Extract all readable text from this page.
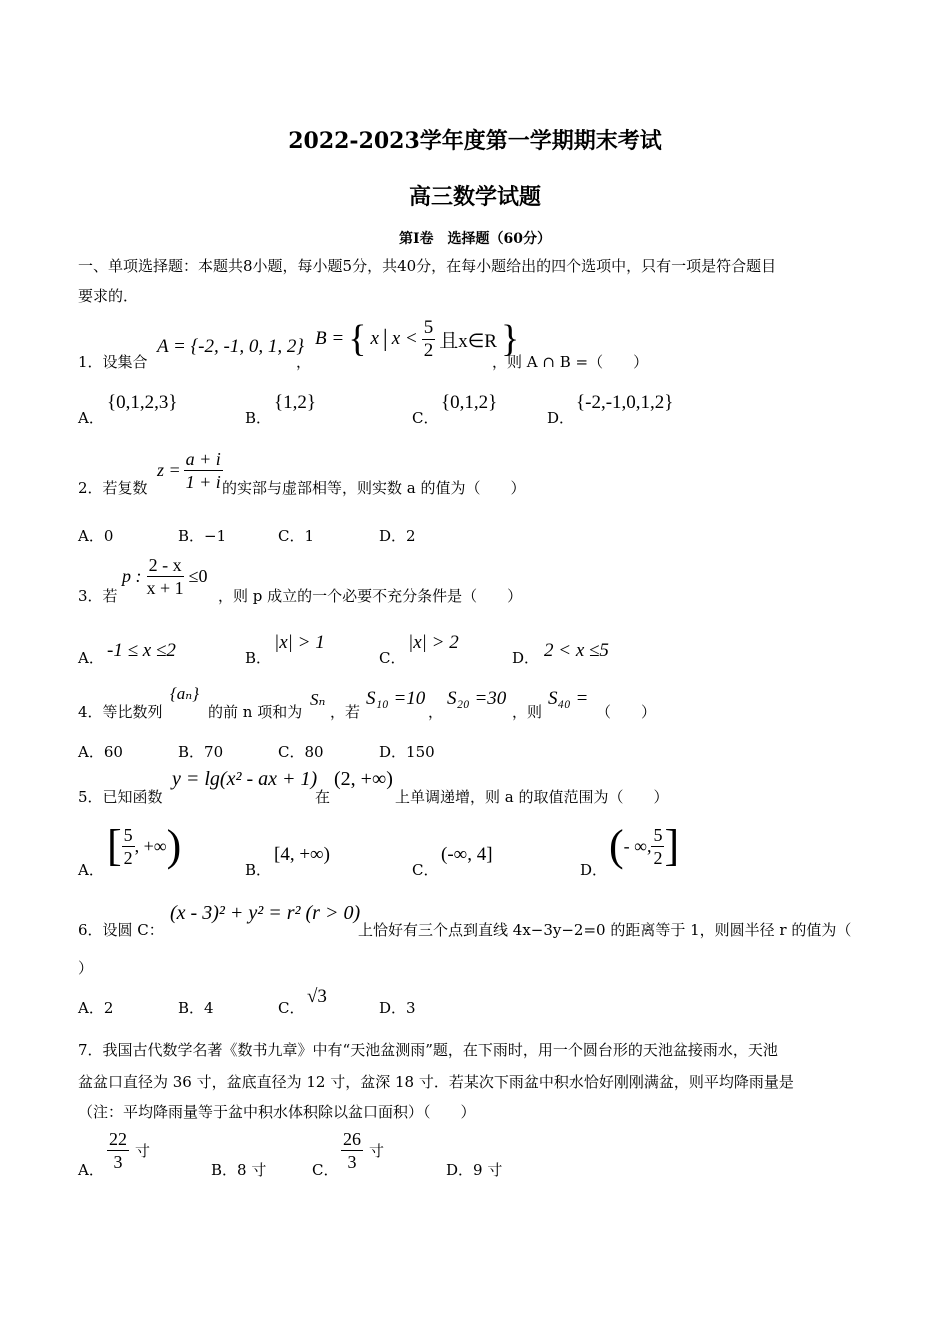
2022-2023学年度第一学期期末考试
高三数学试题
第Ⅰ卷　选择题（60分）
一、单项选择题：本题共8小题，每小题5分，共40分，在每小题给出的四个选项中，只有一项是符合题目
要求的．
1．设集合
A = {-2, -1, 0, 1, 2}
，
B = { x | $x < \frac{5}{2}$ 且x∈R }
，则 A ∩ B =（　　）
A．
{0,1,2,3}
B．
{1,2}
C．
{0,1,2}
D．
{-2,-1,0,1,2}
2．若复数
$z = \frac{a + i}{1 + i}$ 的实部与虚部相等，则实数 a 的值为（　　）
A．0	B．−1	C．1	D．2
3．若
p : $\frac{2 - x}{x + 1} \le 0$
，则 p 成立的一个必要不充分条件是（　　）
A． -1 ≤ x ≤2	B．
|x| > 1
C．
|x| > 2
D． 2 < x ≤5
4．等比数列
{aₙ}
的前 n 项和为
Sₙ
，若
S₁₀ =10
，
S₂₀ =30
，则
S₄₀ =
（　　）
A．60	B．70	C．80	D．150
5．已知函数
y = lg(x² - ax + 1)
在
(2, +∞)
上单调递增，则 a 的取值范围为（　　）
A． [ $\frac{5}{2}$ , +∞ )	B．
[4, +∞)
C．
(-∞, 4]
D． ( - ∞, $\frac{5}{2}$ ]
6．设圆 C：
(x - 3)² + y² = r² (r > 0)
上恰好有三个点到直线 4x−3y−2=0 的距离等于 1，则圆半径 r 的值为（
）
A．2	B．4	C．
√3
D．3
7．我国古代数学名著《数书九章》中有“天池盆测雨”题，在下雨时，用一个圆台形的天池盆接雨水，天池
盆盆口直径为 36 寸，盆底直径为 12 寸，盆深 18 寸．若某次下雨盆中积水恰好刚刚满盆，则平均降雨量是
（注：平均降雨量等于盆中积水体积除以盆口面积）（　　）
A． $\frac{22}{3}$ 寸
B．8 寸	C． $\frac{26}{3}$ 寸
D．9 寸
